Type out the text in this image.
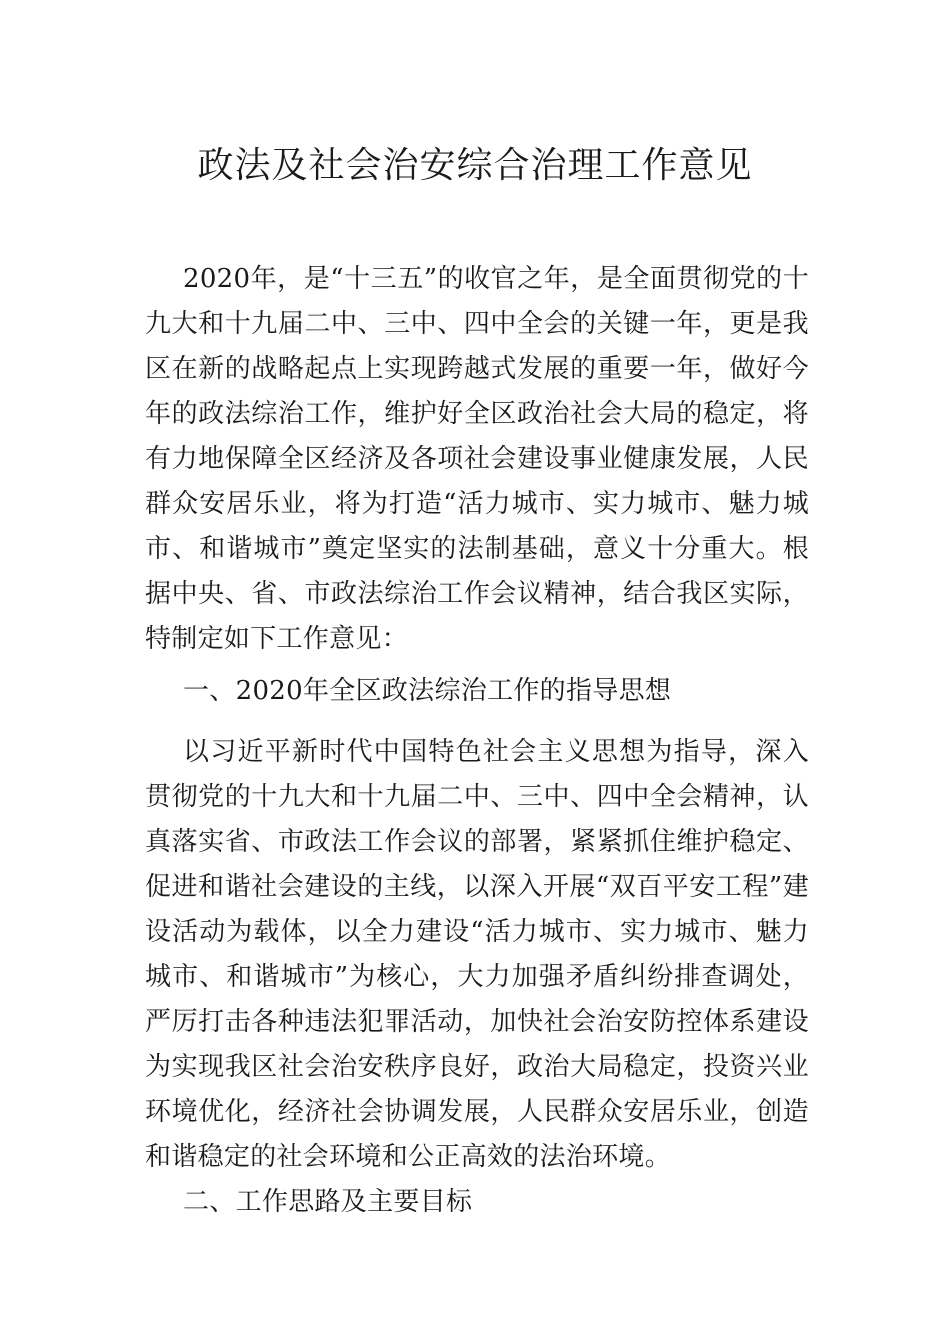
政法及社会治安综合治理工作意见

2020年，是“十三五”的收官之年，是全面贯彻党的十九大和十九届二中、三中、四中全会的关键一年，更是我区在新的战略起点上实现跨越式发展的重要一年，做好今年的政法综治工作，维护好全区政治社会大局的稳定，将有力地保障全区经济及各项社会建设事业健康发展，人民群众安居乐业，将为打造“活力城市、实力城市、魅力城市、和谐城市”奠定坚实的法制基础，意义十分重大。根据中央、省、市政法综治工作会议精神，结合我区实际，特制定如下工作意见：

一、2020年全区政法综治工作的指导思想

以习近平新时代中国特色社会主义思想为指导，深入贯彻党的十九大和十九届二中、三中、四中全会精神，认真落实省、市政法工作会议的部署，紧紧抓住维护稳定、促进和谐社会建设的主线，以深入开展“双百平安工程”建设活动为载体，以全力建设“活力城市、实力城市、魅力城市、和谐城市”为核心，大力加强矛盾纠纷排查调处，严厉打击各种违法犯罪活动，加快社会治安防控体系建设为实现我区社会治安秩序良好，政治大局稳定，投资兴业环境优化，经济社会协调发展，人民群众安居乐业，创造和谐稳定的社会环境和公正高效的法治环境。

二、工作思路及主要目标
